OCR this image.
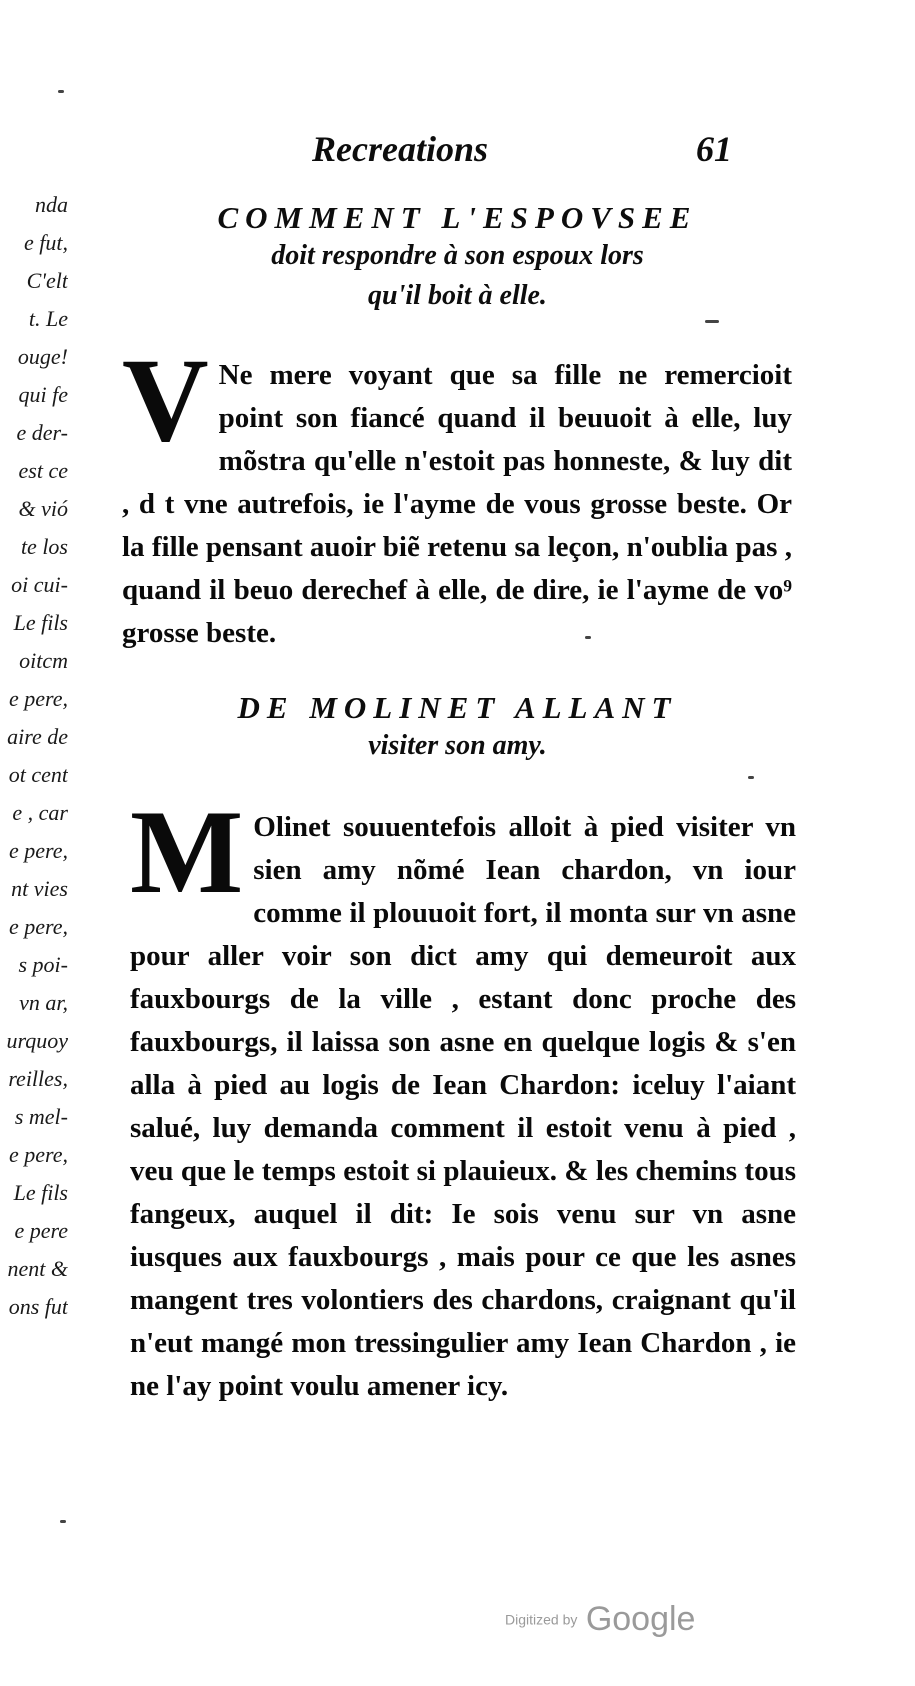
nda
e fut,
C'elt
t. Le
ouge!
qui fe
e der-
est ce
& vió
te los
oi cui-
Le fils
oitcm
e pere,
aire de
ot cent
e , car
e pere,
nt vies
e pere,
s poi-
vn ar,
urquoy
reilles,
s mel-
e pere,
Le fils
e pere
nent &
ons fut
Recreations	61
COMMENT L'ESPOVSEE
doit respondre à son espoux lors
qu'il boit à elle.
V Ne mere voyant que sa fille ne remercioit point son fiancé quand il beuuoit à elle, luy mõstra qu'elle n'estoit pas honneste, & luy dit , d t vne autrefois, ie l'ayme de vous grosse beste. Or la fille pensant auoir biẽ retenu sa leçon, n'oublia pas , quand il beuo derechef à elle, de dire, ie l'ayme de vo⁹ grosse beste.
DE MOLINET ALLANT
visiter son amy.
M Olinet souuentefois alloit à pied visiter vn sien amy nõmé Iean chardon, vn iour comme il plouuoit fort, il monta sur vn asne pour aller voir son dict amy qui demeuroit aux fauxbourgs de la ville , estant donc proche des fauxbourgs, il laissa son asne en quelque logis & s'en alla à pied au logis de Iean Chardon: iceluy l'aiant salué, luy demanda comment il estoit venu à pied , veu que le temps estoit si plauieux. & les chemins tous fangeux, auquel il dit: Ie sois venu sur vn asne iusques aux fauxbourgs , mais pour ce que les asnes mangent tres volontiers des chardons, craignant qu'il n'eut mangé mon tressingulier amy Iean Chardon , ie ne l'ay point voulu amener icy.
Digitized by Google
